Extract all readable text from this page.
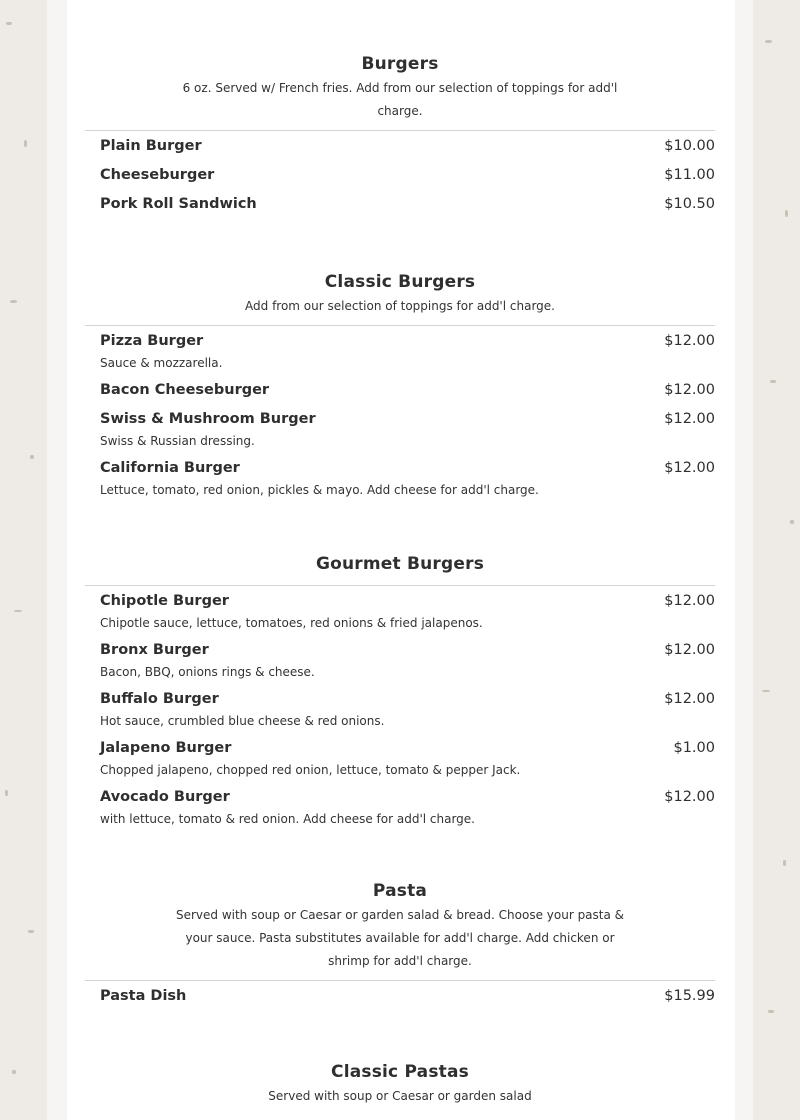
Burgers

6 oz. Served w/ French fries. Add from our selection of toppings for add'l charge.

Plain Burger	$10.00
Cheeseburger	$11.00
Pork Roll Sandwich	$10.50
Classic Burgers

Add from our selection of toppings for add'l charge.

Pizza Burger	$12.00
Sauce & mozzarella.
Bacon Cheeseburger	$12.00
Swiss & Mushroom Burger	$12.00
Swiss & Russian dressing.
California Burger	$12.00
Lettuce, tomato, red onion, pickles & mayo. Add cheese for add'l charge.
Gourmet Burgers
Chipotle Burger	$12.00
Chipotle sauce, lettuce, tomatoes, red onions & fried jalapenos.
Bronx Burger	$12.00
Bacon, BBQ, onions rings & cheese.
Buffalo Burger	$12.00
Hot sauce, crumbled blue cheese & red onions.
Jalapeno Burger	$1.00
Chopped jalapeno, chopped red onion, lettuce, tomato & pepper Jack.
Avocado Burger	$12.00
with lettuce, tomato & red onion. Add cheese for add'l charge.
Pasta

Served with soup or Caesar or garden salad & bread. Choose your pasta & your sauce. Pasta substitutes available for add'l charge. Add chicken or shrimp for add'l charge.

Pasta Dish	$15.99
Classic Pastas

Served with soup or Caesar or garden salad
